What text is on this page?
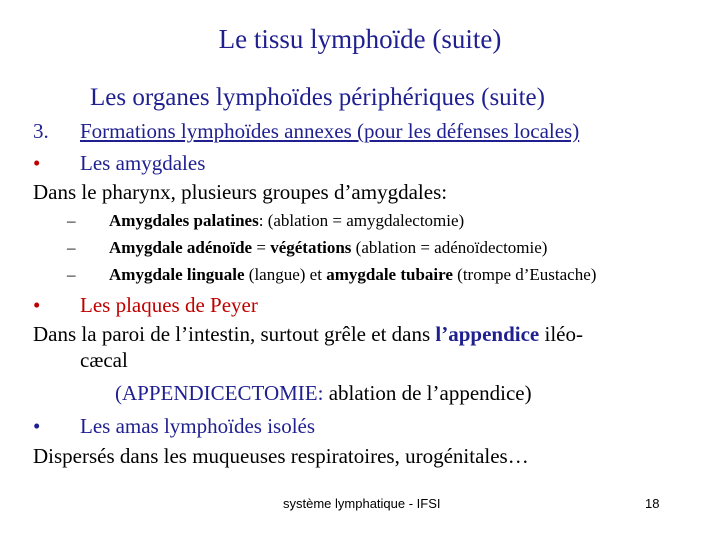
Le tissu lymphoïde (suite)
Les organes lymphoïdes périphériques (suite)
3. Formations lymphoïdes annexes (pour les défenses locales)
• Les amygdales
Dans le pharynx, plusieurs groupes d’amygdales:
– Amygdales palatines: (ablation = amygdalectomie)
– Amygdale adénoïde = végétations (ablation = adénoïdectomie)
– Amygdale linguale (langue) et amygdale tubaire (trompe d’Eustache)
• Les plaques de Peyer
Dans la paroi de l’intestin, surtout grêle et dans l’appendice iléo-
cæcal
(APPENDICECTOMIE: ablation de l’appendice)
• Les amas lymphoïdes isolés
Dispersés dans les muqueuses respiratoires, urogénitales…
système lymphatique - IFSI	18
